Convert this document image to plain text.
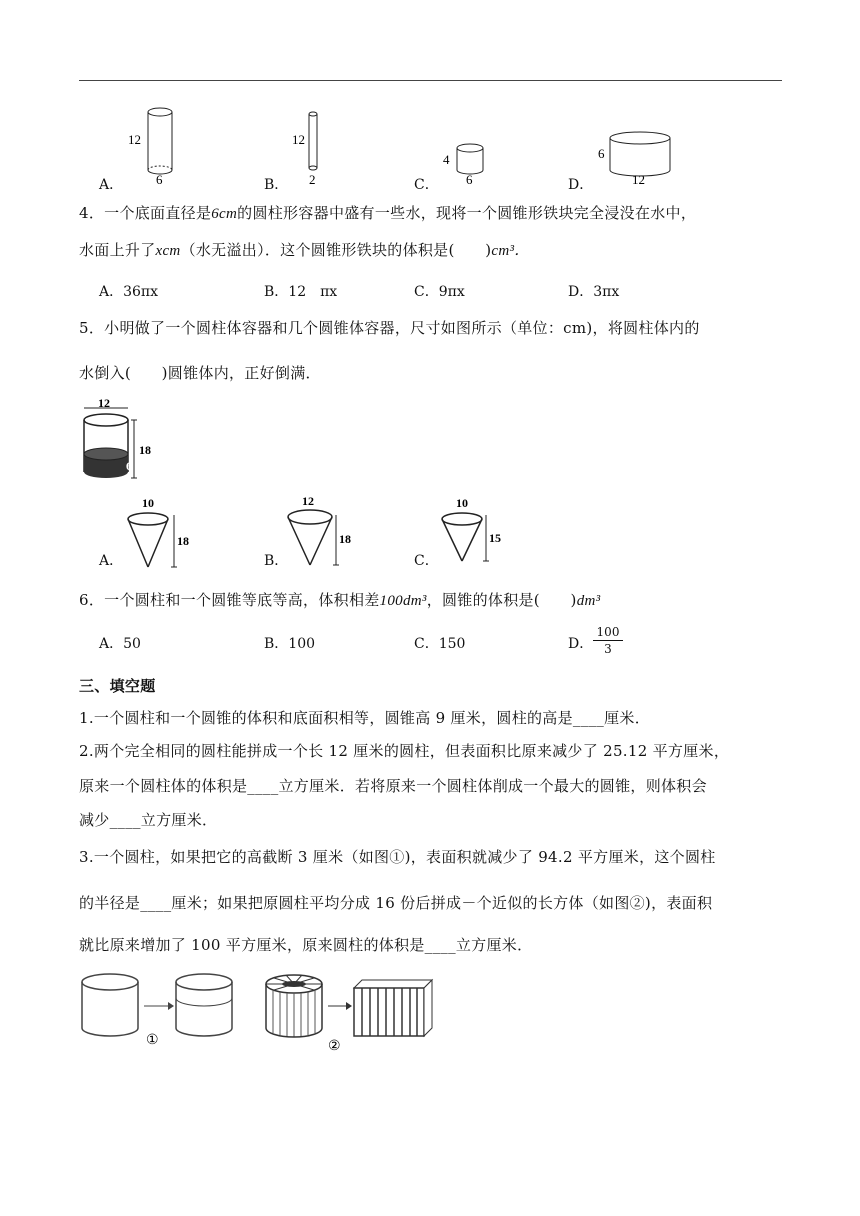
12
6
A．
12
2
B．
4
6
C．
6
12
D．
4．一个底面直径是6cm的圆柱形容器中盛有一些水，现将一个圆锥形铁块完全浸没在水中，
水面上升了xcm（水无溢出）．这个圆锥形铁块的体积是(　　)cm³．
A．36πx	B．12　πx	C．9πx	D．3πx
5．小明做了一个圆柱体容器和几个圆锥体容器，尺寸如图所示（单位：cm)，将圆柱体内的
水倒入(　　)圆锥体内，正好倒满．
12
18
6
10
18
A．
12
18
B．
10
15
C．
6．一个圆柱和一个圆锥等底等高，体积相差100dm³，圆锥的体积是(　　)dm³
A．50	B．100	C．150	D． $\frac{100}{3}$
三、填空题
1.一个圆柱和一个圆锥的体积和底面积相等，圆锥高 9 厘米，圆柱的高是____厘米．
2.两个完全相同的圆柱能拼成一个长 12 厘米的圆柱，但表面积比原来减少了 25.12 平方厘米，
原来一个圆柱体的体积是____立方厘米．若将原来一个圆柱体削成一个最大的圆锥，则体积会
减少____立方厘米．
3.一个圆柱，如果把它的高截断 3 厘米（如图①)，表面积就减少了 94.2 平方厘米，这个圆柱
的半径是____厘米；如果把原圆柱平均分成 16 份后拼成－个近似的长方体（如图②)，表面积
就比原来增加了 100 平方厘米，原来圆柱的体积是____立方厘米．
①	②
